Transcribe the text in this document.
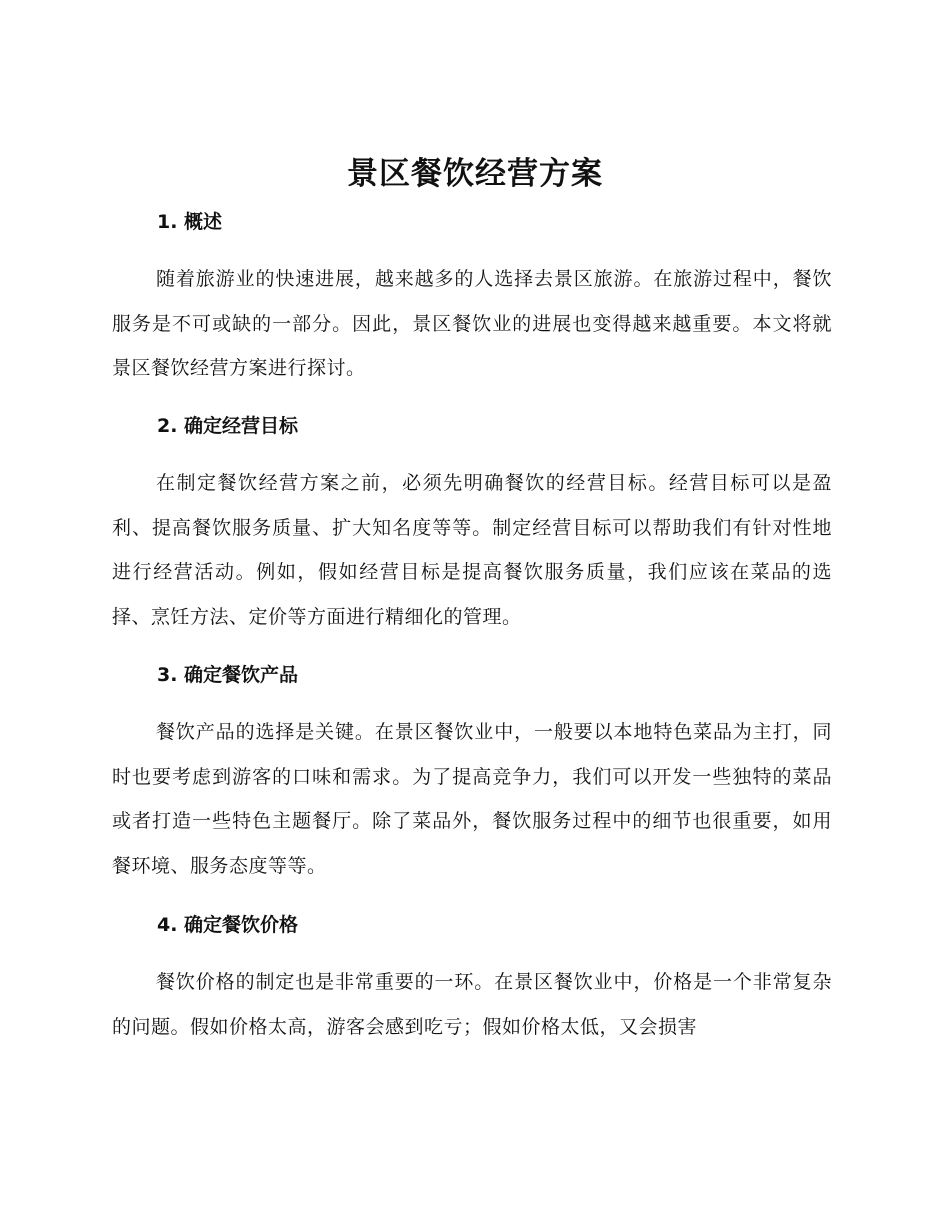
景区餐饮经营方案
1. 概述
随着旅游业的快速进展，越来越多的人选择去景区旅游。在旅游过程中，餐饮服务是不可或缺的一部分。因此，景区餐饮业的进展也变得越来越重要。本文将就景区餐饮经营方案进行探讨。
2. 确定经营目标
在制定餐饮经营方案之前，必须先明确餐饮的经营目标。经营目标可以是盈利、提高餐饮服务质量、扩大知名度等等。制定经营目标可以帮助我们有针对性地进行经营活动。例如，假如经营目标是提高餐饮服务质量，我们应该在菜品的选择、烹饪方法、定价等方面进行精细化的管理。
3. 确定餐饮产品
餐饮产品的选择是关键。在景区餐饮业中，一般要以本地特色菜品为主打，同时也要考虑到游客的口味和需求。为了提高竞争力，我们可以开发一些独特的菜品或者打造一些特色主题餐厅。除了菜品外，餐饮服务过程中的细节也很重要，如用餐环境、服务态度等等。
4. 确定餐饮价格
餐饮价格的制定也是非常重要的一环。在景区餐饮业中，价格是一个非常复杂的问题。假如价格太高，游客会感到吃亏；假如价格太低，又会损害
